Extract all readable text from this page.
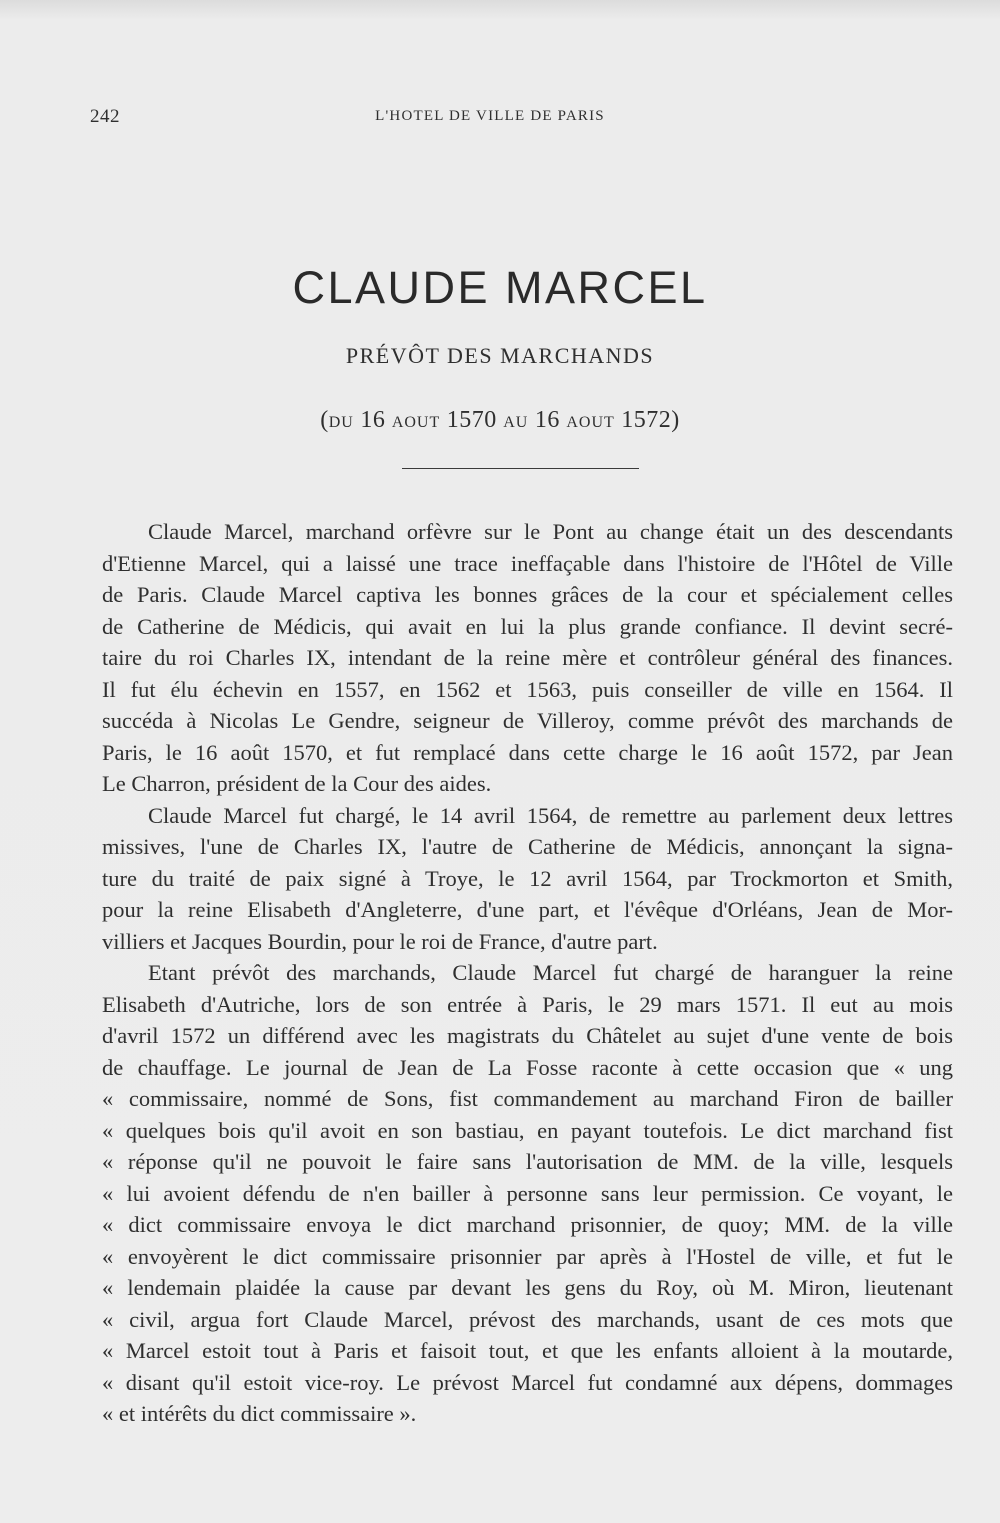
242	L'HOTEL DE VILLE DE PARIS
CLAUDE MARCEL
PRÉVÔT DES MARCHANDS
(DU 16 AOUT 1570 AU 16 AOUT 1572)
Claude Marcel, marchand orfèvre sur le Pont au change était un des descendants
d'Etienne Marcel, qui a laissé une trace ineffaçable dans l'histoire de l'Hôtel de Ville
de Paris. Claude Marcel captiva les bonnes grâces de la cour et spécialement celles
de Catherine de Médicis, qui avait en lui la plus grande confiance. Il devint secré-
taire du roi Charles IX, intendant de la reine mère et contrôleur général des finances.
Il fut élu échevin en 1557, en 1562 et 1563, puis conseiller de ville en 1564. Il
succéda à Nicolas Le Gendre, seigneur de Villeroy, comme prévôt des marchands de
Paris, le 16 août 1570, et fut remplacé dans cette charge le 16 août 1572, par Jean
Le Charron, président de la Cour des aides.
Claude Marcel fut chargé, le 14 avril 1564, de remettre au parlement deux lettres
missives, l'une de Charles IX, l'autre de Catherine de Médicis, annonçant la signa-
ture du traité de paix signé à Troye, le 12 avril 1564, par Trockmorton et Smith,
pour la reine Elisabeth d'Angleterre, d'une part, et l'évêque d'Orléans, Jean de Mor-
villiers et Jacques Bourdin, pour le roi de France, d'autre part.
Etant prévôt des marchands, Claude Marcel fut chargé de haranguer la reine
Elisabeth d'Autriche, lors de son entrée à Paris, le 29 mars 1571. Il eut au mois
d'avril 1572 un différend avec les magistrats du Châtelet au sujet d'une vente de bois
de chauffage. Le journal de Jean de La Fosse raconte à cette occasion que « ung
« commissaire, nommé de Sons, fist commandement au marchand Firon de bailler
« quelques bois qu'il avoit en son bastiau, en payant toutefois. Le dict marchand fist
« réponse qu'il ne pouvoit le faire sans l'autorisation de MM. de la ville, lesquels
« lui avoient défendu de n'en bailler à personne sans leur permission. Ce voyant, le
« dict commissaire envoya le dict marchand prisonnier, de quoy; MM. de la ville
« envoyèrent le dict commissaire prisonnier par après à l'Hostel de ville, et fut le
« lendemain plaidée la cause par devant les gens du Roy, où M. Miron, lieutenant
« civil, argua fort Claude Marcel, prévost des marchands, usant de ces mots que
« Marcel estoit tout à Paris et faisoit tout, et que les enfants alloient à la moutarde,
« disant qu'il estoit vice-roy. Le prévost Marcel fut condamné aux dépens, dommages
« et intérêts du dict commissaire ».
